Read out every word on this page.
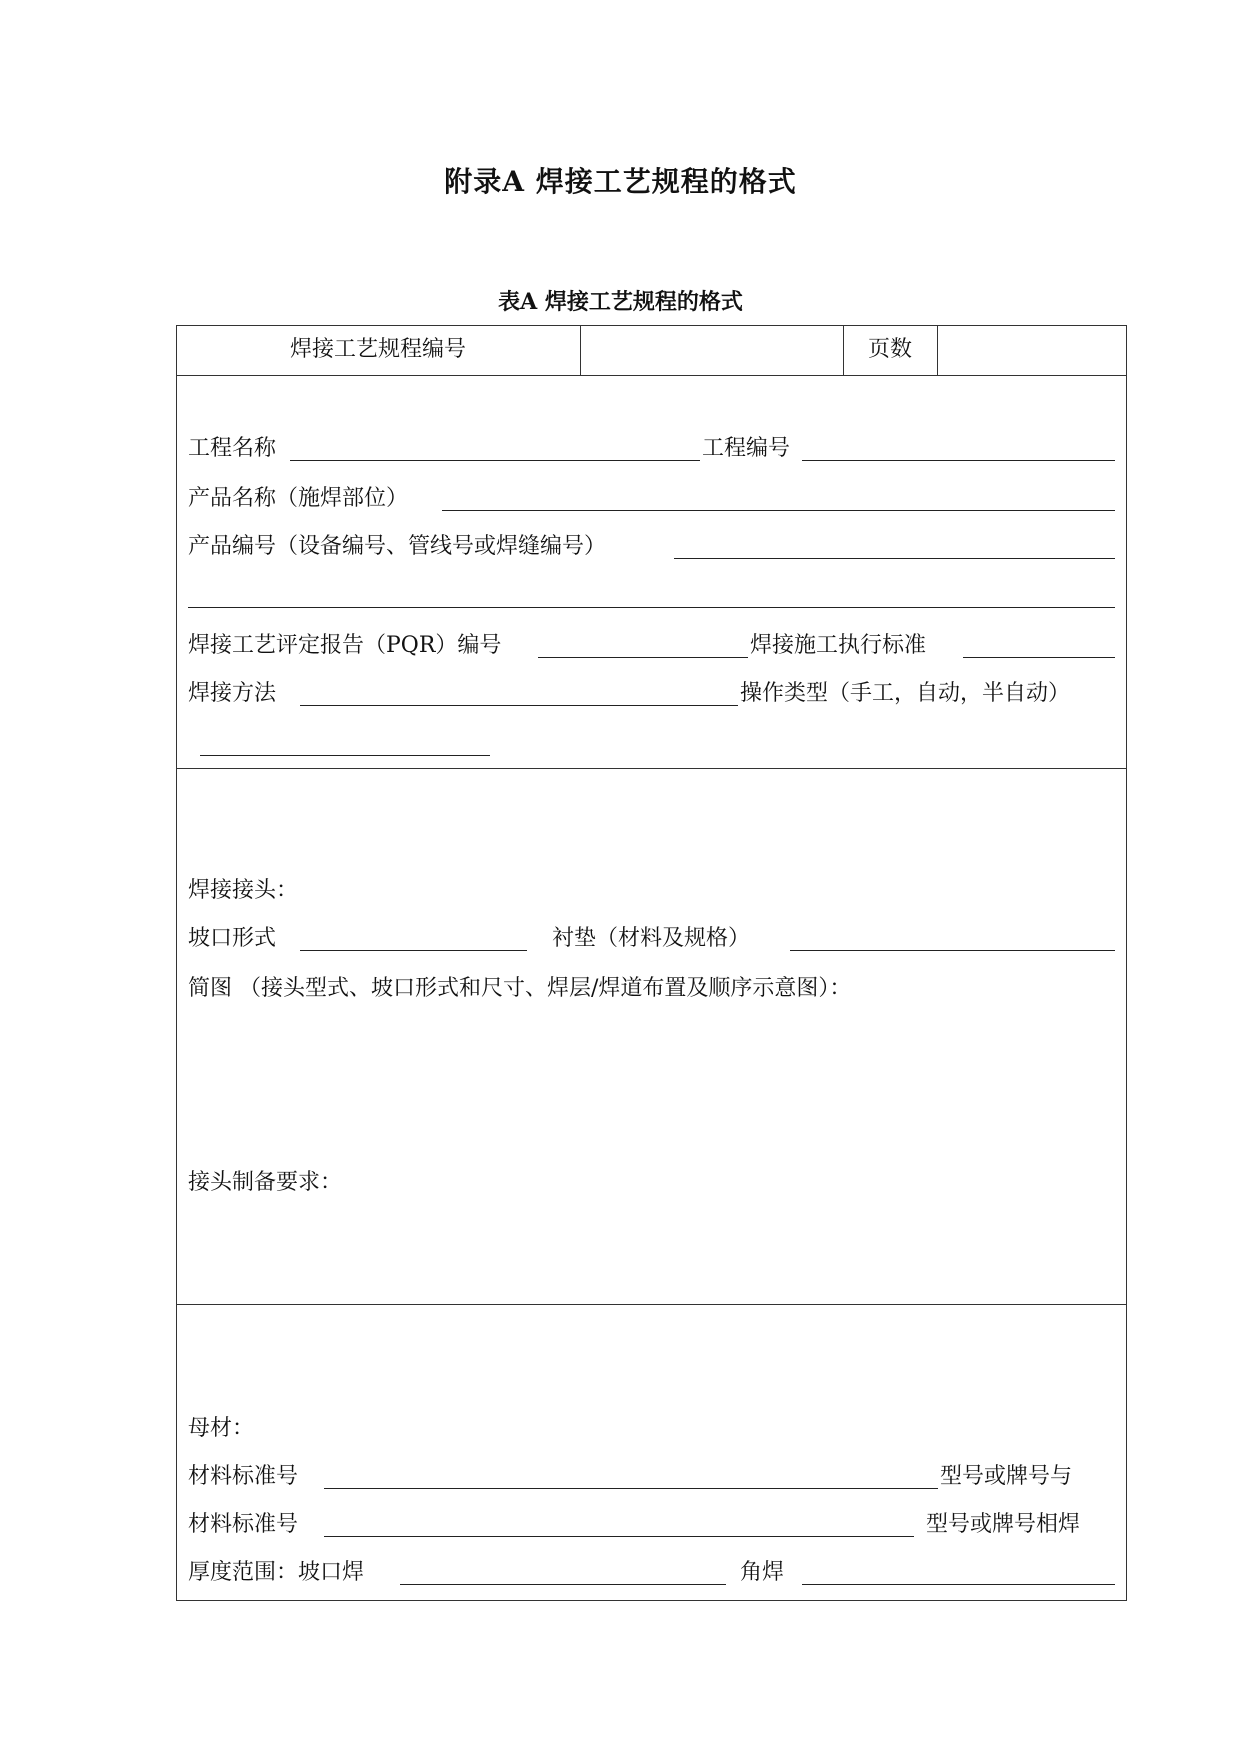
附录A 焊接工艺规程的格式
表A 焊接工艺规程的格式
焊接工艺规程编号	页数
工程名称	工程编号
产品名称（施焊部位）
产品编号（设备编号、管线号或焊缝编号）
焊接工艺评定报告（PQR）编号	焊接施工执行标准
焊接方法	操作类型（手工，自动，半自动）
焊接接头：
坡口形式	衬垫（材料及规格）
简图 （接头型式、坡口形式和尺寸、焊层/焊道布置及顺序示意图）：
接头制备要求：
母材：
材料标准号	型号或牌号与
材料标准号	型号或牌号相焊
厚度范围：坡口焊	角焊
